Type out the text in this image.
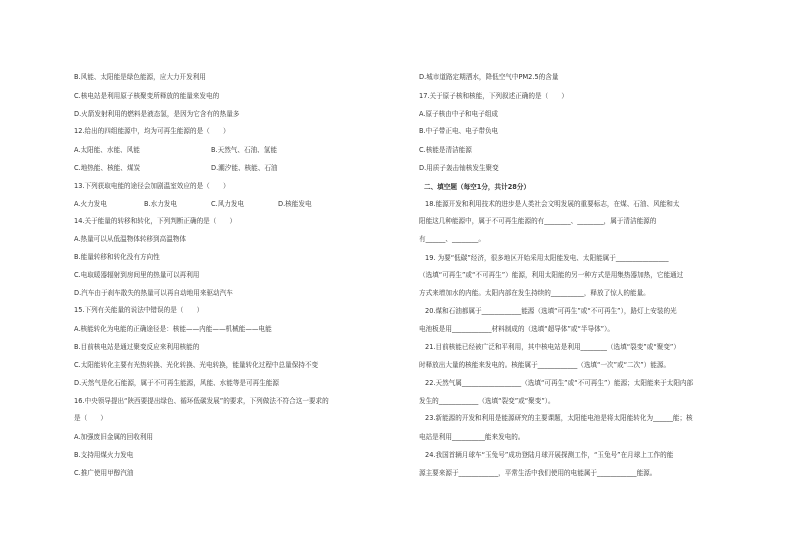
B.风能、太阳能是绿色能源，应大力开发利用
C.核电站是利用原子核聚变所释放的能量来发电的
D.火箭发射利用的燃料是液态氢，是因为它含有的热量多
12.给出的四组能源中，均为可再生能源的是（　　）
A.太阳能、水能、风能	B.天然气、石油、氢能
C.地热能、核能、煤炭	D.潮汐能、核能、石油
13.下列获取电能的途径会加剧温室效应的是（　　）
A.火力发电	B.水力发电	C.风力发电	D.核能发电
14.关于能量的转移和转化，下列判断正确的是（　　）
A.热量可以从低温物体转移到高温物体
B.能量转移和转化没有方向性
C.电取暖器辐射到房间里的热量可以再利用
D.汽车由于刹车散失的热量可以再自动地用来驱动汽车
15.下列有关能量的说法中错误的是（　　）
A.核能转化为电能的正确途径是：核能——内能——机械能——电能
B.目前核电站是通过聚变反应来利用核能的
C.太阳能转化主要有光热转换、光化转换、光电转换，能量转化过程中总量保持不变
D.天然气是化石能源，属于不可再生能源，风能、水能等是可再生能源
16.中央领导提出“陕西要提出绿色、循环低碳发展”的要求，下列做法不符合这一要求的
是（　　）
A.加强废旧金属的回收利用
B.支持用煤火力发电
C.推广使用甲醇汽油
D.城市道路定期洒水，降低空气中PM2.5的含量
17.关于原子核和核能，下列叙述正确的是（　　）
A.原子核由中子和电子组成
B.中子带正电、电子带负电
C.核能是清洁能源
D.用质子轰击铀核发生聚变
二、填空题（每空1分，共计28分）
18.能源开发和利用技术的进步是人类社会文明发展的重要标志，在煤、石油、风能和太
阳能这几种能源中，属于不可再生能源的有________、________，属于清洁能源的
有______、________。
19. 为要“低碳”经济，很多地区开始采用太阳能发电、太阳能属于________________
（选填“可再生”或“不可再生”）能源，利用太阳能的另一种方式是用集热器加热，它能通过
方式来增加水的内能。太阳内部在发生持续的__________，释放了惊人的能量。
20.煤和石油都属于____________能源（选填“可再生”或“不可再生”），路灯上安装的光
电池板是用____________材料制成的（选填“超导体”或“半导体”）。
21.目前核能已经被广泛和平利用，其中核电站是利用________（选填“裂变”或“聚变”）
时释放出大量的核能来发电的。核能属于____________（选填“一次”或“二次”）能源。
22.天然气属__________________（选填“可再生”或“不可再生”）能源；太阳能来于太阳内部
发生的____________（选填“裂变”或“聚变”）。
23.新能源的开发和利用是能源研究的主要课题，太阳能电池是将太阳能转化为______能；核
电站是利用__________能来发电的。
24.我国首辆月球车“玉兔号”成功登陆月球开展探测工作，“玉兔号”在月球上工作的能
源主要来源于____________，平常生活中我们使用的电能属于____________能源。
